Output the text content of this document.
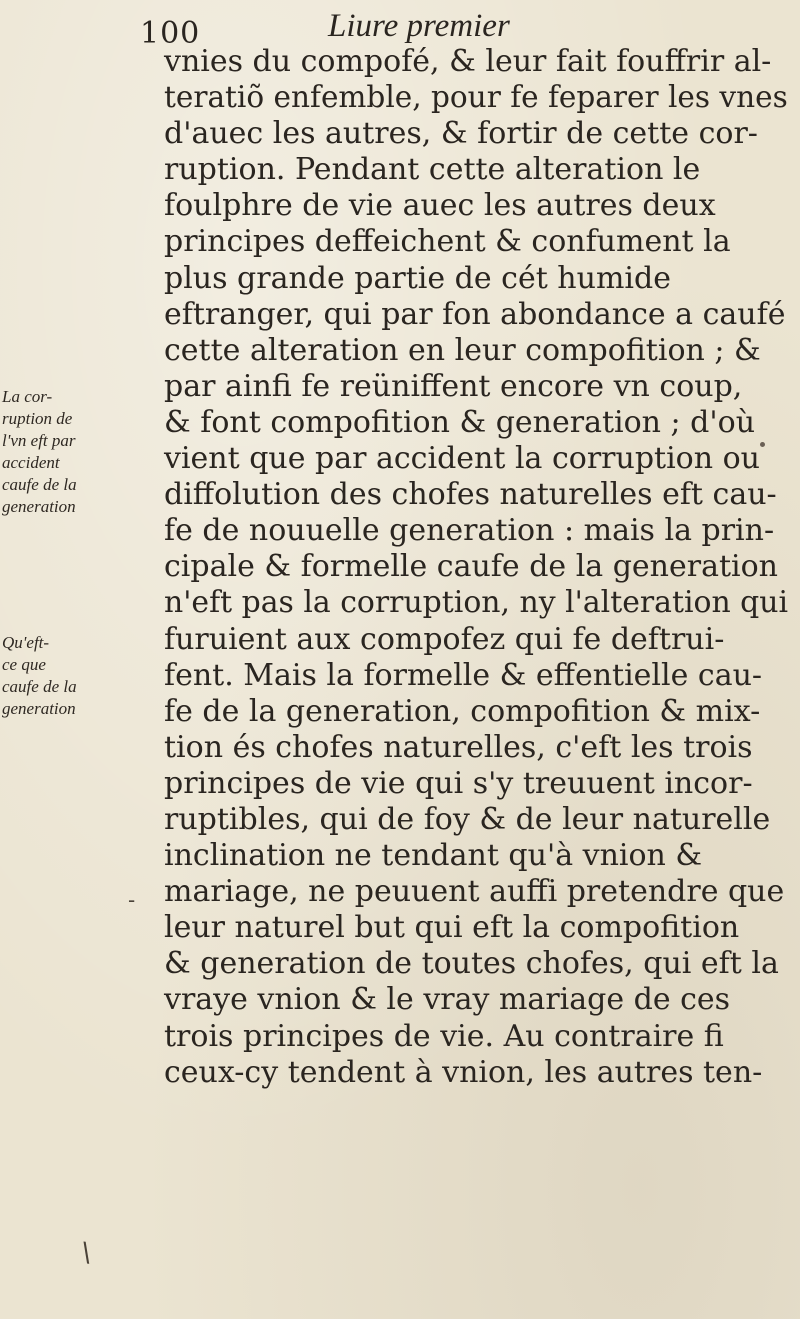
100	Liure premier
vnies du compofé, & leur fait fouffrir al-
teratiõ enfemble, pour fe feparer les vnes
d'auec les autres, & fortir de cette cor-
ruption. Pendant cette alteration le
foulphre de vie auec les autres deux
principes deffeichent & confument la
plus grande partie de cét humide
eftranger, qui par fon abondance a caufé
cette alteration en leur compofition ; &
par ainfi fe reüniffent encore vn coup,
& font compofition & generation ; d'où
vient que par accident la corruption ou
diffolution des chofes naturelles eft cau-
fe de nouuelle generation : mais la prin-
cipale & formelle caufe de la generation
n'eft pas la corruption, ny l'alteration qui
furuient aux compofez qui fe deftrui-
fent. Mais la formelle & effentielle cau-
fe de la generation, compofition & mix-
tion és chofes naturelles, c'eft les trois
principes de vie qui s'y treuuent incor-
ruptibles, qui de foy & de leur naturelle
inclination ne tendant qu'à vnion &
mariage, ne peuuent auffi pretendre que
leur naturel but qui eft la compofition
& generation de toutes chofes, qui eft la
vraye vnion & le vray mariage de ces
trois principes de vie. Au contraire fi
ceux-cy tendent à vnion, les autres ten-
La cor-
ruption de
l'vn eft par
accident
caufe de la
generation
Qu'eft-
ce que
caufe de la
generation
-
\
